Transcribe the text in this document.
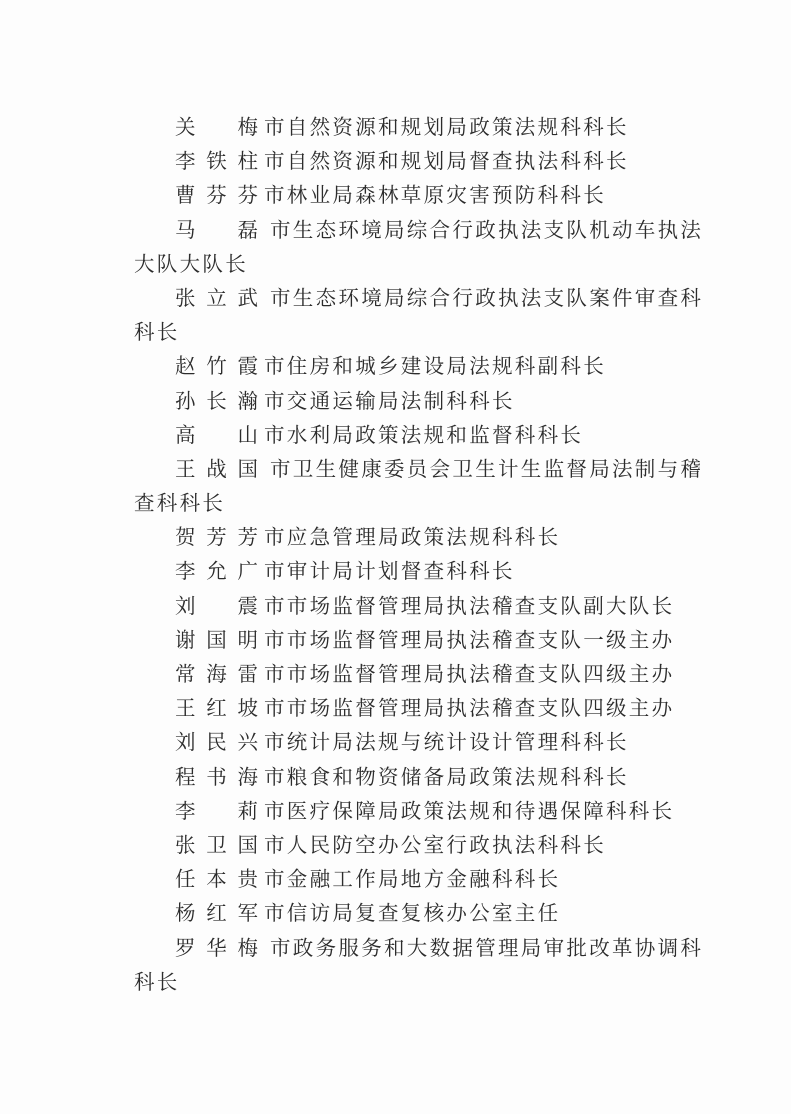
关　梅 市自然资源和规划局政策法规科科长
李铁柱 市自然资源和规划局督查执法科科长
曹芬芬 市林业局森林草原灾害预防科科长
马　磊 市生态环境局综合行政执法支队机动车执法
大队大队长
张立武 市生态环境局综合行政执法支队案件审查科
科长
赵竹霞 市住房和城乡建设局法规科副科长
孙长瀚 市交通运输局法制科科长
高　山 市水利局政策法规和监督科科长
王战国 市卫生健康委员会卫生计生监督局法制与稽
查科科长
贺芳芳 市应急管理局政策法规科科长
李允广 市审计局计划督查科科长
刘　震 市市场监督管理局执法稽查支队副大队长
谢国明 市市场监督管理局执法稽查支队一级主办
常海雷 市市场监督管理局执法稽查支队四级主办
王红坡 市市场监督管理局执法稽查支队四级主办
刘民兴 市统计局法规与统计设计管理科科长
程书海 市粮食和物资储备局政策法规科科长
李　莉 市医疗保障局政策法规和待遇保障科科长
张卫国 市人民防空办公室行政执法科科长
任本贵 市金融工作局地方金融科科长
杨红军 市信访局复查复核办公室主任
罗华梅 市政务服务和大数据管理局审批改革协调科
科长
